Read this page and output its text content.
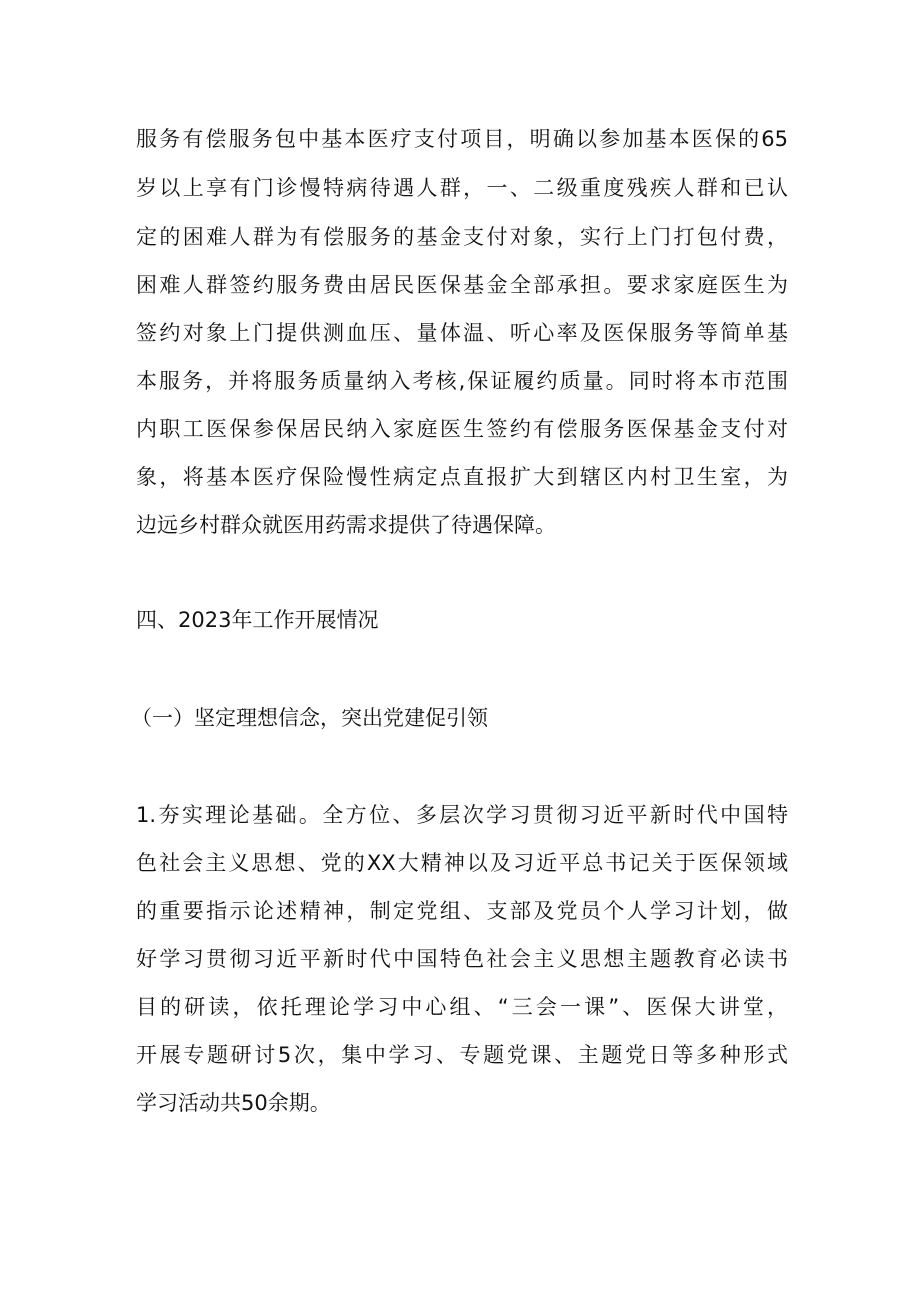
服务有偿服务包中基本医疗支付项目，明确以参加基本医保的65
岁以上享有门诊慢特病待遇人群，一、二级重度残疾人群和已认
定的困难人群为有偿服务的基金支付对象，实行上门打包付费，
困难人群签约服务费由居民医保基金全部承担。要求家庭医生为
签约对象上门提供测血压、量体温、听心率及医保服务等简单基
本服务，并将服务质量纳入考核,保证履约质量。同时将本市范围
内职工医保参保居民纳入家庭医生签约有偿服务医保基金支付对
象，将基本医疗保险慢性病定点直报扩大到辖区内村卫生室，为
边远乡村群众就医用药需求提供了待遇保障。
四、2023年工作开展情况
（一）坚定理想信念，突出党建促引领
1.夯实理论基础。全方位、多层次学习贯彻习近平新时代中国特
色社会主义思想、党的XX大精神以及习近平总书记关于医保领域
的重要指示论述精神，制定党组、支部及党员个人学习计划，做
好学习贯彻习近平新时代中国特色社会主义思想主题教育必读书
目的研读，依托理论学习中心组、“三会一课”、医保大讲堂，
开展专题研讨5次，集中学习、专题党课、主题党日等多种形式
学习活动共50余期。
